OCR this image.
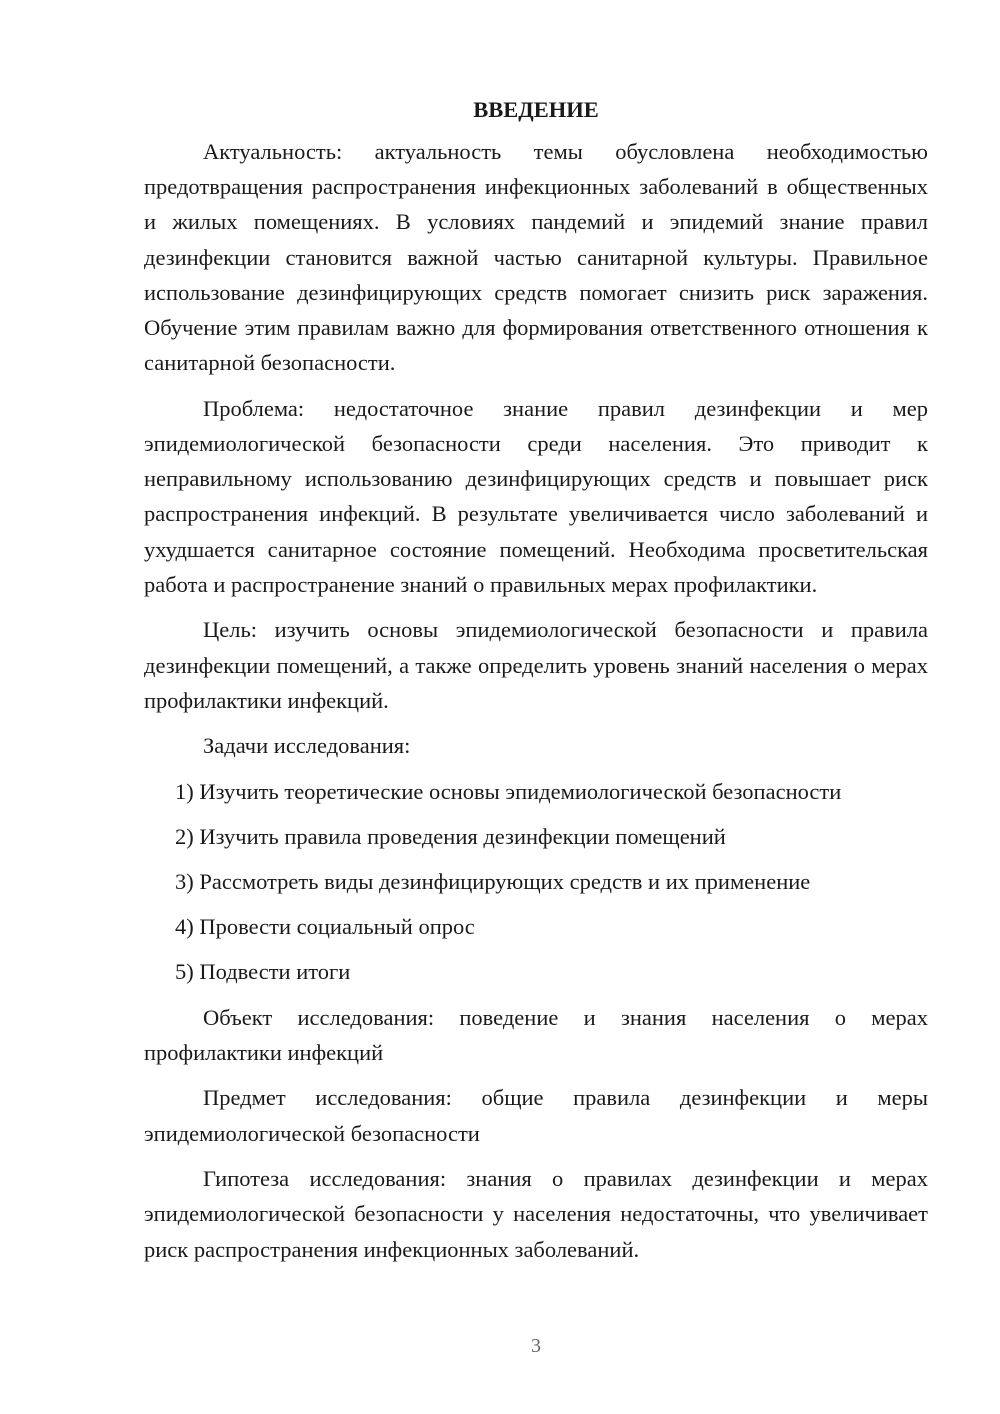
ВВЕДЕНИЕ

Актуальность: актуальность темы обусловлена необходимостью предотвращения распространения инфекционных заболеваний в общественных и жилых помещениях. В условиях пандемий и эпидемий знание правил дезинфекции становится важной частью санитарной культуры. Правильное использование дезинфицирующих средств помогает снизить риск заражения. Обучение этим правилам важно для формирования ответственного отношения к санитарной безопасности.

Проблема: недостаточное знание правил дезинфекции и мер эпидемиологической безопасности среди населения. Это приводит к неправильному использованию дезинфицирующих средств и повышает риск распространения инфекций. В результате увеличивается число заболеваний и ухудшается санитарное состояние помещений. Необходима просветительская работа и распространение знаний о правильных мерах профилактики.

Цель: изучить основы эпидемиологической безопасности и правила дезинфекции помещений, а также определить уровень знаний населения о мерах профилактики инфекций.

Задачи исследования:

1) Изучить теоретические основы эпидемиологической безопасности
2) Изучить правила проведения дезинфекции помещений
3) Рассмотреть виды дезинфицирующих средств и их применение
4) Провести социальный опрос
5) Подвести итоги

Объект исследования: поведение и знания населения о мерах профилактики инфекций

Предмет исследования: общие правила дезинфекции и меры эпидемиологической безопасности

Гипотеза исследования: знания о правилах дезинфекции и мерах эпидемиологической безопасности у населения недостаточны, что увеличивает риск распространения инфекционных заболеваний.

3
